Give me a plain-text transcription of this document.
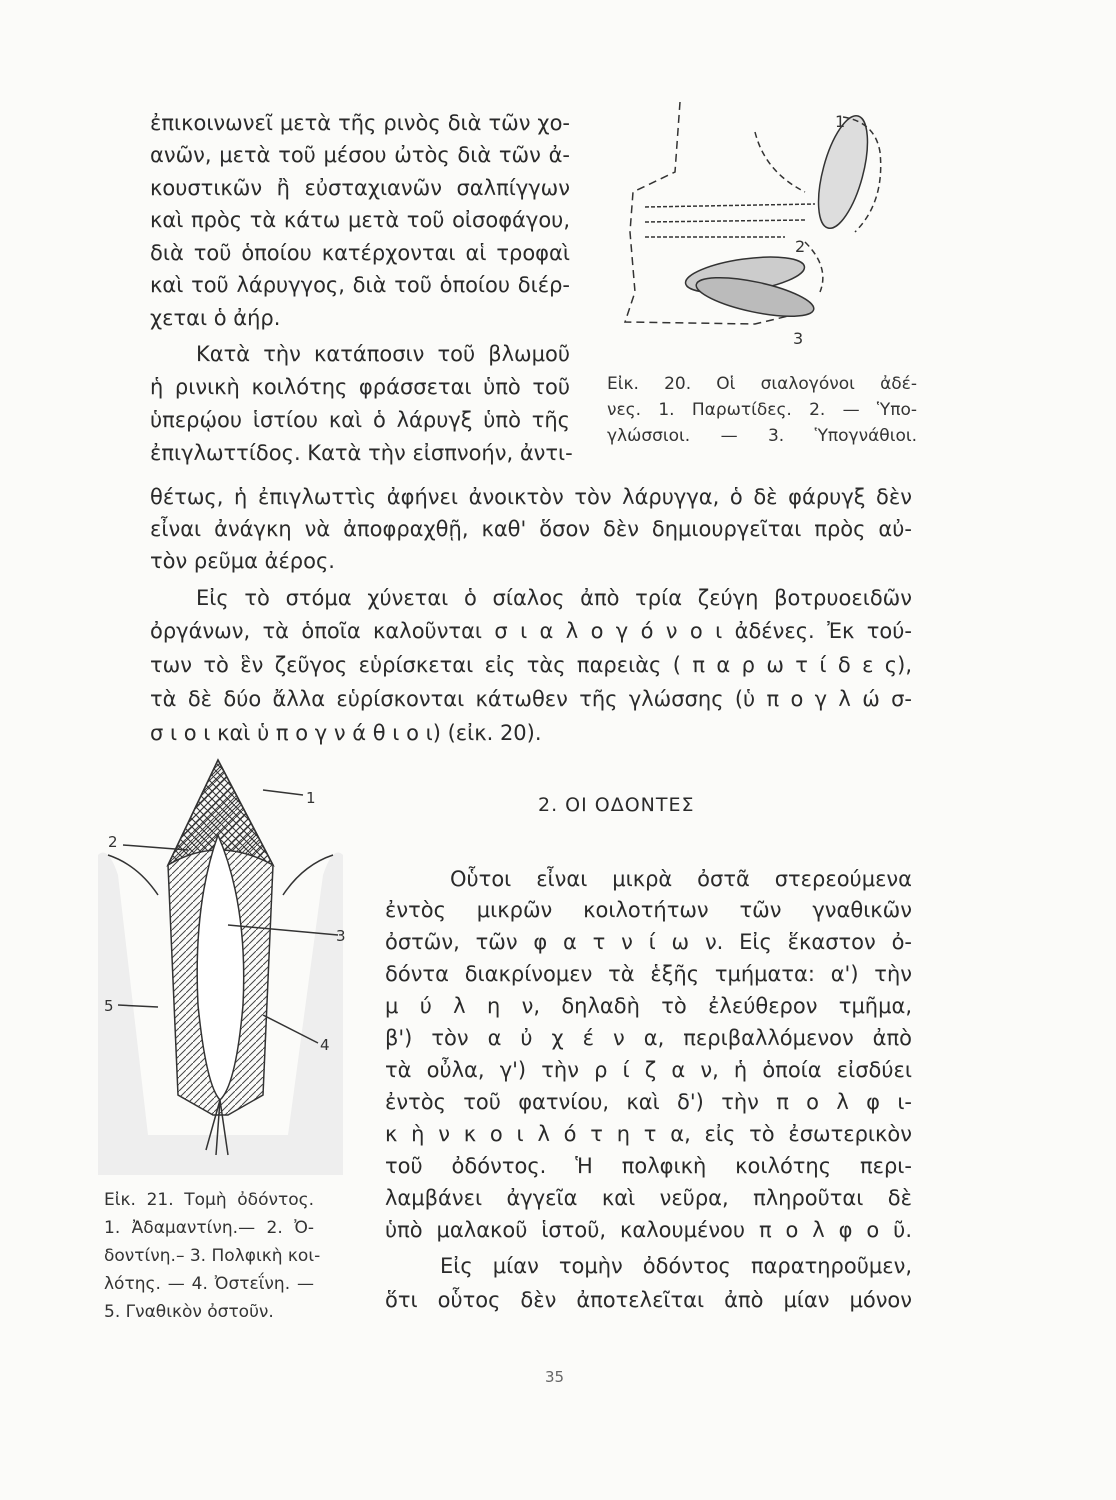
ἐπικοινωνεῖ μετὰ τῆς ρινὸς διὰ τῶν χο-
ανῶν, μετὰ τοῦ μέσου ὠτὸς διὰ τῶν ἀ-
κουστικῶν ἢ εὐσταχιανῶν σαλπίγγων
καὶ πρὸς τὰ κάτω μετὰ τοῦ οἰσοφάγου,
διὰ τοῦ ὁποίου κατέρχονται αἱ τροφαὶ
καὶ τοῦ λάρυγγος, διὰ τοῦ ὁποίου διέρ-
χεται ὁ ἀήρ.
Κατὰ τὴν κατάποσιν τοῦ βλωμοῦ
ἡ ρινικὴ κοιλότης φράσσεται ὑπὸ τοῦ
ὑπερῴου ἱστίου καὶ ὁ λάρυγξ ὑπὸ τῆς
ἐπιγλωττίδος. Κατὰ τὴν εἰσπνοήν, ἀντι-
1
2
3
Εἰκ. 20. Οἱ σιαλογόνοι ἀδέ-
νες. 1. Παρωτίδες. 2. — Ὑπο-
γλώσσιοι. — 3. Ὑπογνάθιοι.
θέτως, ἡ ἐπιγλωττὶς ἀφήνει ἀνοικτὸν τὸν λάρυγγα, ὁ δὲ φάρυγξ δὲν
εἶναι ἀνάγκη νὰ ἀποφραχθῇ, καθ' ὅσον δὲν δημιουργεῖται πρὸς αὐ-
τὸν ρεῦμα ἀέρος.
Εἰς τὸ στόμα χύνεται ὁ σίαλος ἀπὸ τρία ζεύγη βοτρυοειδῶν
ὀργάνων, τὰ ὁποῖα καλοῦνται σ ι α λ ο γ ό ν ο ι ἀδένες. Ἐκ τού-
των τὸ ἓν ζεῦγος εὑρίσκεται εἰς τὰς παρειὰς ( π α ρ ω τ ί δ ε ς),
τὰ δὲ δύο ἄλλα εὑρίσκονται κάτωθεν τῆς γλώσσης (ὑ π ο γ λ ώ σ-
σ ι ο ι καὶ ὑ π ο γ ν ά θ ι ο ι) (εἰκ. 20).
1
2
3
4
5
Εἰκ. 21. Τομὴ ὀδόντος.
1. Ἀδαμαντίνη.— 2. Ὀ-
δοντίνη.– 3. Πολφικὴ κοι-
λότης. — 4. Ὀστεΐνη. —
5. Γναθικὸν ὀστοῦν.
2. ΟΙ ΟΔΟΝΤΕΣ
Οὗτοι εἶναι μικρὰ ὀστᾶ στερεούμενα
ἐντὸς μικρῶν κοιλοτήτων τῶν γναθικῶν
ὀστῶν, τῶν φ α τ ν ί ω ν. Εἰς ἕκαστον ὀ-
δόντα διακρίνομεν τὰ ἑξῆς τμήματα: α') τὴν
μ ύ λ η ν, δηλαδὴ τὸ ἐλεύθερον τμῆμα,
β') τὸν α ὐ χ έ ν α, περιβαλλόμενον ἀπὸ
τὰ οὖλα, γ') τὴν ρ ί ζ α ν, ἡ ὁποία εἰσδύει
ἐντὸς τοῦ φατνίου, καὶ δ') τὴν π ο λ φ ι-
κ ὴ ν κ ο ι λ ό τ η τ α, εἰς τὸ ἐσωτερικὸν
τοῦ ὀδόντος. Ἡ πολφικὴ κοιλότης περι-
λαμβάνει ἀγγεῖα καὶ νεῦρα, πληροῦται δὲ
ὑπὸ μαλακοῦ ἱστοῦ, καλουμένου π ο λ φ ο ῦ.
Εἰς μίαν τομὴν ὀδόντος παρατηροῦμεν,
ὅτι οὗτος δὲν ἀποτελεῖται ἀπὸ μίαν μόνον
35
